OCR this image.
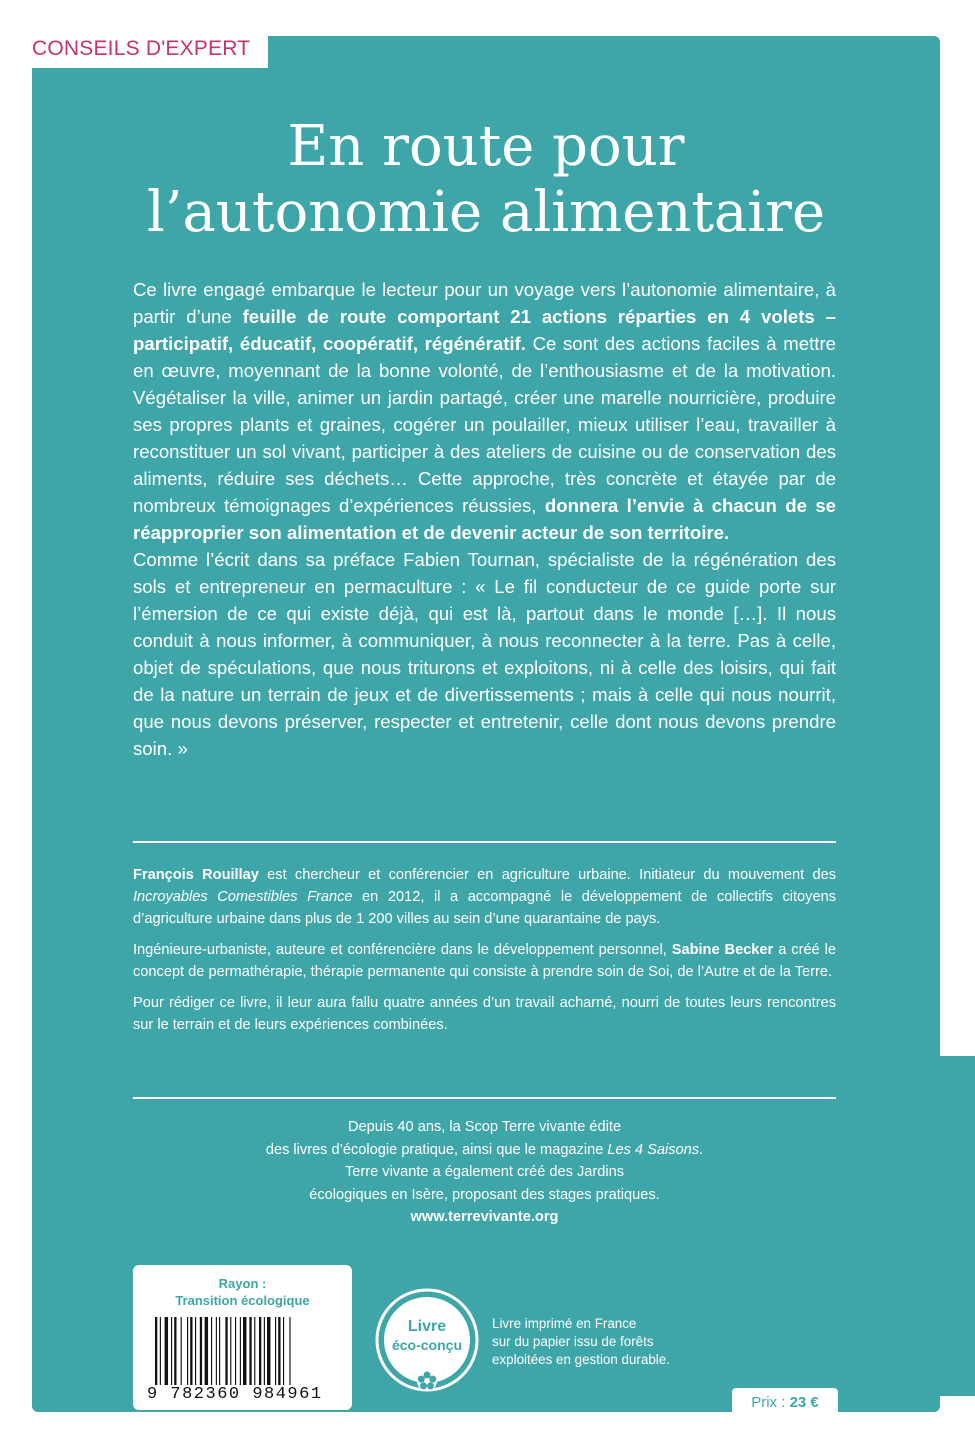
CONSEILS D'EXPERT
En route pour
l’autonomie alimentaire

Ce livre engagé embarque le lecteur pour un voyage vers l’autonomie alimentaire, à partir d’une feuille de route comportant 21 actions réparties en 4 volets – participatif, éducatif, coopératif, régénératif. Ce sont des actions faciles à mettre en œuvre, moyennant de la bonne volonté, de l’enthousiasme et de la motivation. Végétaliser la ville, animer un jardin partagé, créer une marelle nourricière, produire ses propres plants et graines, cogérer un poulailler, mieux utiliser l’eau, travailler à reconstituer un sol vivant, participer à des ateliers de cuisine ou de conservation des aliments, réduire ses déchets… Cette approche, très concrète et étayée par de nombreux témoignages d’expériences réussies, donnera l’envie à chacun de se réapproprier son alimentation et de devenir acteur de son territoire.

Comme l’écrit dans sa préface Fabien Tournan, spécialiste de la régénération des sols et entrepreneur en permaculture : « Le fil conducteur de ce guide porte sur l’émersion de ce qui existe déjà, qui est là, partout dans le monde […]. Il nous conduit à nous informer, à communiquer, à nous reconnecter à la terre. Pas à celle, objet de spéculations, que nous triturons et exploitons, ni à celle des loisirs, qui fait de la nature un terrain de jeux et de divertissements ; mais à celle qui nous nourrit, que nous devons préserver, respecter et entretenir, celle dont nous devons prendre soin. »

François Rouillay est chercheur et conférencier en agriculture urbaine. Initiateur du mouvement des Incroyables Comestibles France en 2012, il a accompagné le développement de collectifs citoyens d’agriculture urbaine dans plus de 1 200 villes au sein d’une quarantaine de pays.

Ingénieure-urbaniste, auteure et conférencière dans le développement personnel, Sabine Becker a créé le concept de permathérapie, thérapie permanente qui consiste à prendre soin de Soi, de l’Autre et de la Terre.

Pour rédiger ce livre, il leur aura fallu quatre années d’un travail acharné, nourri de toutes leurs rencontres sur le terrain et de leurs expériences combinées.

Depuis 40 ans, la Scop Terre vivante édite
des livres d’écologie pratique, ainsi que le magazine Les 4 Saisons.
Terre vivante a également créé des Jardins
écologiques en Isère, proposant des stages pratiques.
www.terrevivante.org
Rayon :
Transition écologique
9 782360 984961
Livre
éco-conçu
Livre imprimé en France
sur du papier issu de forêts
exploitées en gestion durable.
Prix : 23 €
